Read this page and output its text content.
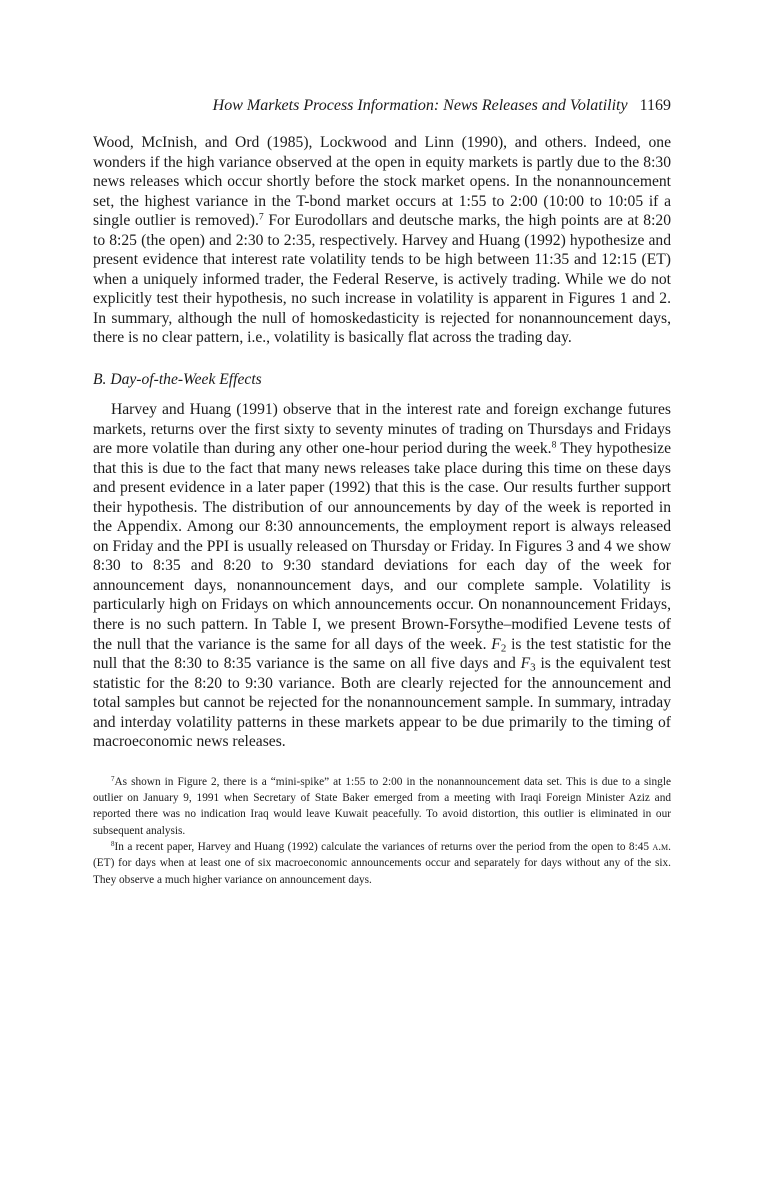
How Markets Process Information: News Releases and Volatility 1169

Wood, McInish, and Ord (1985), Lockwood and Linn (1990), and others. Indeed, one wonders if the high variance observed at the open in equity markets is partly due to the 8:30 news releases which occur shortly before the stock market opens. In the nonannouncement set, the highest variance in the T-bond market occurs at 1:55 to 2:00 (10:00 to 10:05 if a single outlier is removed).$^7$ For Eurodollars and deutsche marks, the high points are at 8:20 to 8:25 (the open) and 2:30 to 2:35, respectively. Harvey and Huang (1992) hypothesize and present evidence that interest rate volatility tends to be high between 11:35 and 12:15 (ET) when a uniquely informed trader, the Federal Reserve, is actively trading. While we do not explicitly test their hypothesis, no such increase in volatility is apparent in Figures 1 and 2. In summary, although the null of homoskedasticity is rejected for nonannouncement days, there is no clear pattern, i.e., volatility is basically flat across the trading day.

B. Day-of-the-Week Effects

Harvey and Huang (1991) observe that in the interest rate and foreign exchange futures markets, returns over the first sixty to seventy minutes of trading on Thursdays and Fridays are more volatile than during any other one-hour period during the week.$^8$ They hypothesize that this is due to the fact that many news releases take place during this time on these days and present evidence in a later paper (1992) that this is the case. Our results further support their hypothesis. The distribution of our announcements by day of the week is reported in the Appendix. Among our 8:30 announcements, the employment report is always released on Friday and the PPI is usually released on Thursday or Friday. In Figures 3 and 4 we show 8:30 to 8:35 and 8:20 to 9:30 standard deviations for each day of the week for announcement days, nonannouncement days, and our complete sample. Volatility is particularly high on Fridays on which announcements occur. On nonannouncement Fridays, there is no such pattern. In Table I, we present Brown-Forsythe–modified Levene tests of the null that the variance is the same for all days of the week. $F_2$ is the test statistic for the null that the 8:30 to 8:35 variance is the same on all five days and $F_3$ is the equivalent test statistic for the 8:20 to 9:30 variance. Both are clearly rejected for the announcement and total samples but cannot be rejected for the nonannouncement sample. In summary, intraday and interday volatility patterns in these markets appear to be due primarily to the timing of macroeconomic news releases.

$^7$As shown in Figure 2, there is a “mini-spike” at 1:55 to 2:00 in the nonannouncement data set. This is due to a single outlier on January 9, 1991 when Secretary of State Baker emerged from a meeting with Iraqi Foreign Minister Aziz and reported there was no indication Iraq would leave Kuwait peacefully. To avoid distortion, this outlier is eliminated in our subsequent analysis.

$^8$In a recent paper, Harvey and Huang (1992) calculate the variances of returns over the period from the open to 8:45 a.m. (ET) for days when at least one of six macroeconomic announcements occur and separately for days without any of the six. They observe a much higher variance on announcement days.
